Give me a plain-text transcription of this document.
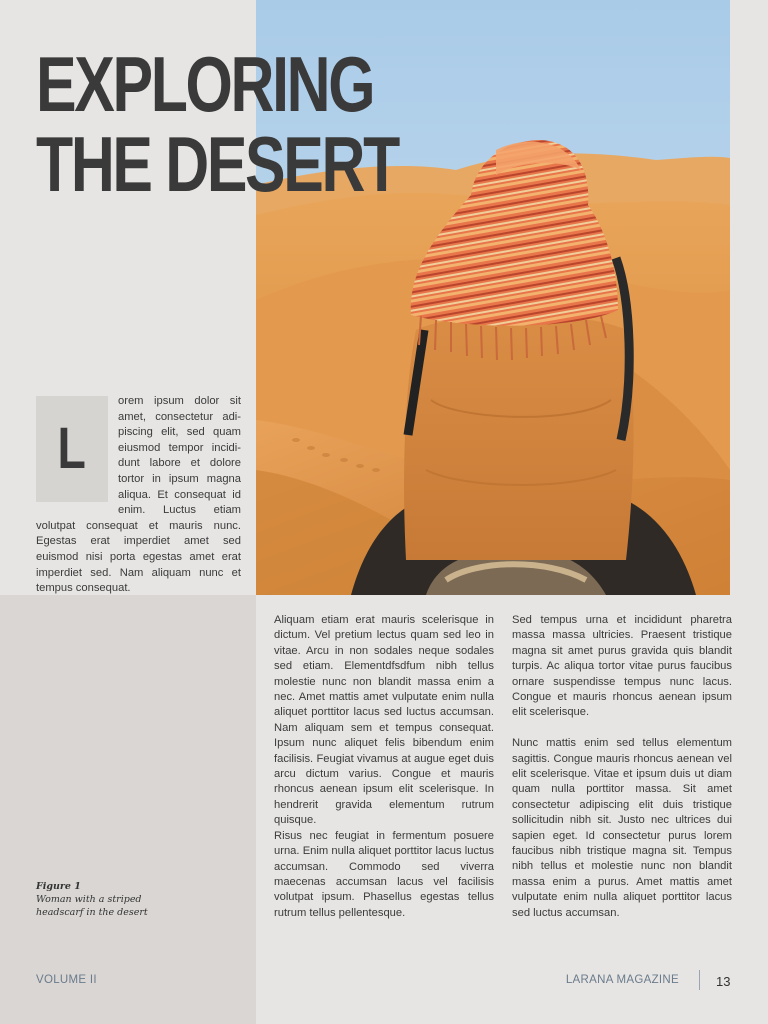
EXPLORING
THE DESERT

L
orem ipsum dolor sit amet, consectetur adi-piscing elit, sed quam eiusmod tempor incidi-dunt labore et dolore tortor in ipsum magna aliqua. Et consequat id enim. Luctus etiam volutpat consequat et mauris nunc. Egestas erat imperdiet amet sed euismod nisi porta egestas amet erat imperdiet sed. Nam aliquam nunc et tempus consequat.

Aliquam etiam erat mauris scelerisque in dictum. Vel pretium lectus quam sed leo in vitae. Arcu in non sodales neque sodales sed etiam. Elementdfsdfum nibh tellus molestie nunc non blandit massa enim a nec. Amet mattis amet vulputate enim nulla aliquet porttitor lacus sed luctus accumsan. Nam aliquam sem et tempus consequat. Ipsum nunc aliquet felis bibendum enim facilisis. Feugiat vivamus at augue eget duis arcu dictum varius. Congue et mauris rhoncus aenean ipsum elit scelerisque. In hendrerit gravida elementum rutrum quisque.

Risus nec feugiat in fermentum posuere urna. Enim nulla aliquet porttitor lacus luctus accumsan. Commodo sed viverra maecenas accumsan lacus vel facilisis volutpat ipsum. Phasellus egestas tellus rutrum tellus pellentesque.

Sed tempus urna et incididunt pharetra massa massa ultricies. Praesent tristique magna sit amet purus gravida quis blandit turpis. Ac aliqua tortor vitae purus faucibus ornare suspendisse tempus nunc lacus. Congue et mauris rhoncus aenean ipsum elit scelerisque.

Nunc mattis enim sed tellus elementum sagittis. Congue mauris rhoncus aenean vel elit scelerisque. Vitae et ipsum duis ut diam quam nulla porttitor massa. Sit amet consectetur adipiscing elit duis tristique sollicitudin nibh sit. Justo nec ultrices dui sapien eget. Id consectetur purus lorem faucibus nibh tristique magna sit. Tempus nibh tellus et molestie nunc non blandit massa enim a purus. Amet mattis amet vulputate enim nulla aliquet porttitor lacus sed luctus accumsan.

Figure 1
Woman with a striped headscarf in the desert
VOLUME II	LARANA MAGAZINE	13
